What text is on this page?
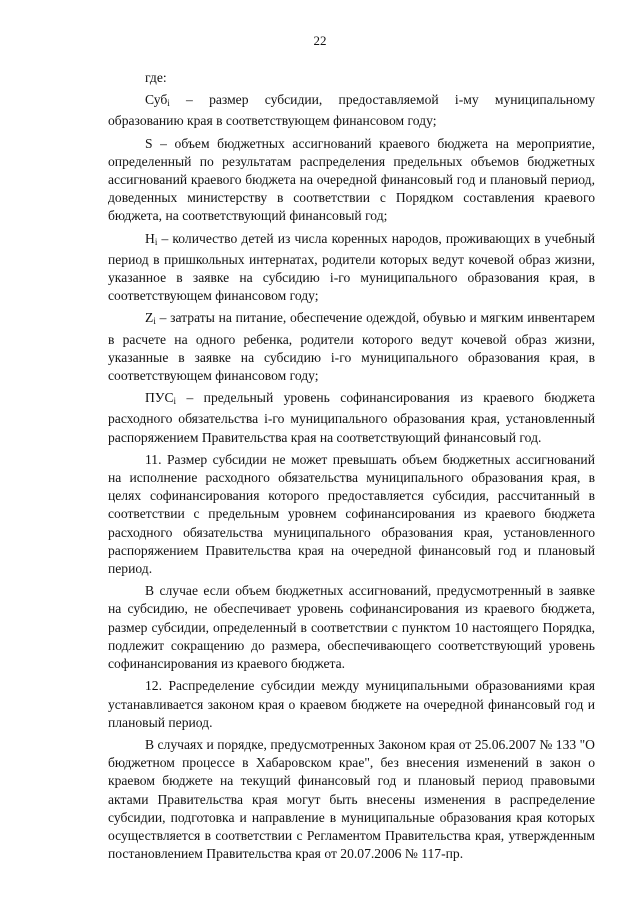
22

где:

Суб$_i$ – размер субсидии, предоставляемой i-му муниципальному образованию края в соответствующем финансовом году;

S – объем бюджетных ассигнований краевого бюджета на мероприятие, определенный по результатам распределения предельных объемов бюджетных ассигнований краевого бюджета на очередной финансовый год и плановый период, доведенных министерству в соответствии с Порядком составления краевого бюджета, на соответствующий финансовый год;

$H_i$ – количество детей из числа коренных народов, проживающих в учебный период в пришкольных интернатах, родители которых ведут кочевой образ жизни, указанное в заявке на субсидию i-го муниципального образования края, в соответствующем финансовом году;

$Z_i$ – затраты на питание, обеспечение одеждой, обувью и мягким инвентарем в расчете на одного ребенка, родители которого ведут кочевой образ жизни, указанные в заявке на субсидию i-го муниципального образования края, в соответствующем финансовом году;

$ПУС_i$ – предельный уровень софинансирования из краевого бюджета расходного обязательства i-го муниципального образования края, установленный распоряжением Правительства края на соответствующий финансовый год.

11. Размер субсидии не может превышать объем бюджетных ассигнований на исполнение расходного обязательства муниципального образования края, в целях софинансирования которого предоставляется субсидия, рассчитанный в соответствии с предельным уровнем софинансирования из краевого бюджета расходного обязательства муниципального образования края, установленного распоряжением Правительства края на очередной финансовый год и плановый период.

В случае если объем бюджетных ассигнований, предусмотренный в заявке на субсидию, не обеспечивает уровень софинансирования из краевого бюджета, размер субсидии, определенный в соответствии с пунктом 10 настоящего Порядка, подлежит сокращению до размера, обеспечивающего соответствующий уровень софинансирования из краевого бюджета.

12. Распределение субсидии между муниципальными образованиями края устанавливается законом края о краевом бюджете на очередной финансовый год и плановый период.

В случаях и порядке, предусмотренных Законом края от 25.06.2007 № 133 "О бюджетном процессе в Хабаровском крае", без внесения изменений в закон о краевом бюджете на текущий финансовый год и плановый период правовыми актами Правительства края могут быть внесены изменения в распределение субсидии, подготовка и направление в муниципальные образования края которых осуществляется в соответствии с Регламентом Правительства края, утвержденным постановлением Правительства края от 20.07.2006 № 117-пр.
